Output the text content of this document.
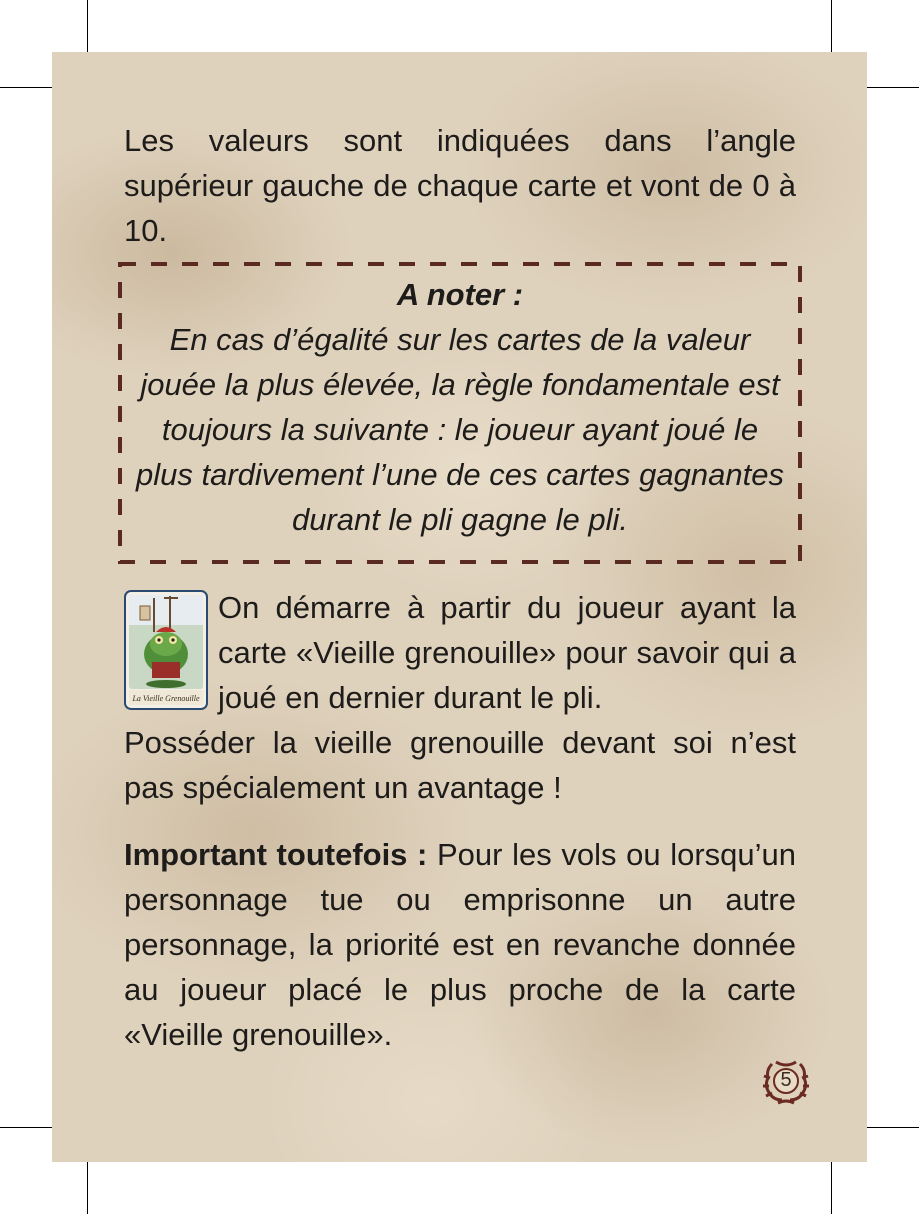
Les valeurs sont indiquées dans l’angle supérieur gauche de chaque carte et vont de 0 à 10.

A noter :
En cas d’égalité sur les cartes de la valeur jouée la plus élevée, la règle fondamentale est toujours la suivante : le joueur ayant joué le plus tardivement l’une de ces cartes gagnantes durant le pli gagne le pli.
La Vieille Grenouille

On démarre à partir du joueur ayant la carte «Vieille grenouille» pour savoir qui a joué en dernier durant le pli.

Posséder la vieille grenouille devant soi n’est pas spécialement un avantage !

Important toutefois : Pour les vols ou lorsqu’un personnage tue ou emprisonne un autre personnage, la priorité est en revanche donnée au joueur placé le plus proche de la carte «Vieille grenouille».

5
